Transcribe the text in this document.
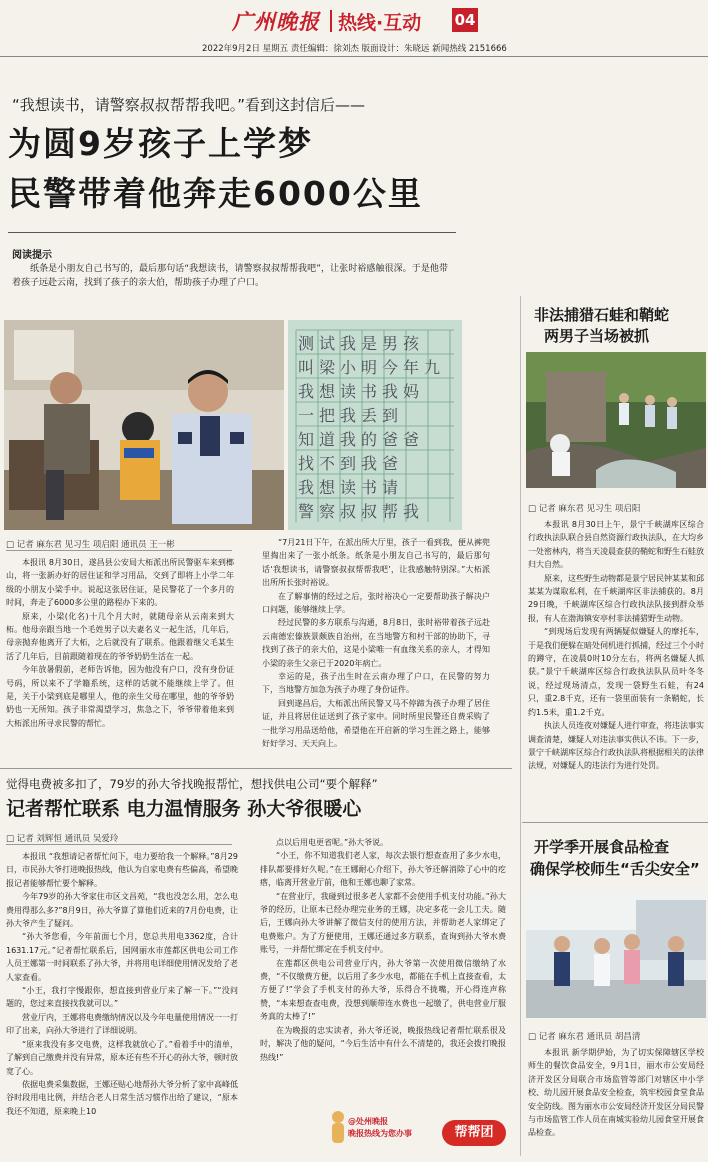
广州晚报 热线·互动 04
2022年9月2日 星期五 责任编辑：徐刘杰 版面设计：朱晓远 新闻热线 2151666
“我想读书，请警察叔叔帮帮我吧。”看到这封信后——
为圆9岁孩子上学梦
民警带着他奔走6000公里
阅读提示

纸条是小朋友自己书写的，最后那句话“我想读书，请警察叔叔帮帮我吧”，让张时裕感触很深。于是他带着孩子远赴云南，找到了孩子的亲大伯，帮助孩子办理了户口。

非法捕猎石蛙和鞘蛇
两男子当场被抓
测试我是男孩
叫梁小明今年九
我想读书我妈
一把我丢到
知道我的爸爸
找不到我爸
我想读书请
警察叔叔帮我
□ 记者 麻东君 见习生 项启阳 通讯员 王一彬

本报讯 8月30日，遂昌县公安局大柘派出所民警驱车来到榔山，将一张新办好的居住证和学习用品，交到了即将上小学二年级的小朋友小梁手中。说起这张居住证，是民警花了一个多月的时间，奔走了6000多公里的路程办下来的。

原来，小梁(化名)十几个月大时，就随母亲从云南来到大柘。他母亲跟当地一个毛姓男子以夫妻名义一起生活，几年后，母亲抛弃他离开了大柘，之后就没有了联系。他跟着继父毛某生活了几年后，目前跟随着现在的爷爷奶奶生活在一起。

今年放暑假前，老师告诉他，因为他没有户口，没有身份证号码，所以来不了学籍系统，这样的话就不能继续上学了。但是，关于小梁到底是哪里人，他的亲生父母在哪里，他的爷爷奶奶也一无所知。孩子非常渴望学习，焦急之下，爷爷带着他来到大柘派出所寻求民警的帮忙。

“7月21日下午，在派出所大厅里，孩子一看到我，便从裤兜里掏出来了一张小纸条。纸条是小朋友自己书写的，最后那句话‘我想读书，请警察叔叔帮帮我吧’，让我感触特别深。”大柘派出所所长张时裕说。

在了解事情的经过之后，张时裕决心一定要帮助孩子解决户口问题，能够继续上学。

经过民警的多方联系与沟通，8月8日，张时裕带着孩子远赴云南德宏傣族景颇族自治州，在当地警方和村干部的协助下，寻找到了孩子的亲大伯，这是小梁唯一有血缘关系的亲人，才得知小梁的亲生父亲已于2020年病亡。

幸运的是，孩子出生时在云南办理了户口，在民警的努力下，当地警方加急为孩子办理了身份证件。

回到遂昌后，大柘派出所民警又马不停蹄为孩子办理了居住证，并且将居住证送到了孩子家中。同时所里民警还自费采购了一批学习用品送给他，希望他在开启新的学习生涯之路上，能够好好学习、天天向上。

觉得电费被多扣了，79岁的孙大爷找晚报帮忙，想找供电公司“要个解释”
记者帮忙联系 电力温情服务 孙大爷很暖心
□ 记者 刘辉恒 通讯员 吴爱玲

本报讯 “我想请记者帮忙问下，电力要给我一个解释。”8月29日，市民孙大爷打进晚报热线，他认为自家电费有些偏高，希望晚报记者能够帮忙要个解释。

今年79岁的孙大爷家住市区文昌苑，“我也没怎么用，怎么电费用得那么多?”8月9日，孙大爷算了算他们近来的7月份电费，让孙大爷产生了疑问。

“孙大爷您看，今年前面七个月，您总共用电3362度，合计1631.17元。”记者帮忙联系后，国网丽水市莲都区供电公司工作人员王娜第一时间联系了孙大爷，并将用电详细使用情况发给了老人家查看。

“小王，我打字慢跟你，想直接到营业厅来了解一下。”“没问题的，您过来直接找我就可以。”

营业厅内，王娜将电费缴纳情况以及今年电量使用情况一一打印了出来，向孙大爷进行了详细说明。

“原来我没有多交电费，这样我就放心了。”看着手中的清单，了解到自己缴费并没有异常，原本还有些不开心的孙大爷，顿时放宽了心。

依据电费采集数据，王娜还贴心地帮孙大爷分析了家中高峰低谷时段用电比例，并结合老人日常生活习惯作出给了建议，“原本我还不知道，原来晚上10

点以后用电更省呢。”孙大爷说。

“小王，你不知道我们老人家，每次去银行想查查用了多少水电，排队都要排好久呢。”在王娜耐心介绍下，孙大爷还解消除了心中的疙瘩，临离开营业厅前，他和王娜也聊了家常。

“在营业厅，我碰到过很多老人家都不会使用手机支付功能。”孙大爷的经历，让原本已经办理完业务的王娜，决定多花一会儿工夫。随后，王娜向孙大爷讲解了微信支付的使用方法，并帮助老人家绑定了电费账户。为了方便使用，王娜还通过多方联系，查询到孙大爷水费账号，一并帮忙绑定在手机支付中。

在莲都区供电公司营业厅内，孙大爷第一次使用微信缴纳了水费，“不仅缴费方便，以后用了多少水电，都能在手机上直接查看，太方便了!”学会了手机支付的孙大爷，乐得合不拢嘴，开心得连声称赞，“本来想查查电费，没想到顺带连水费也一起缴了，供电营业厅服务真的太棒了!”

在为晚报的忠实读者，孙大爷还说，晚报热线记者帮忙联系很及时，解决了他的疑问，“今后生活中有什么不清楚的，我还会拨打晚报热线!”

@处州晚报
晚报热线为您办事	帮帮团
□ 记者 麻东君 见习生 项启阳

本报讯 8月30日上午，景宁千峡湖库区综合行政执法队联合县自然资源行政执法队，在大均乡一处密林内，将当天凌晨查获的鞘蛇和野生石蛙放归大自然。

原来，这些野生动物都是景宁居民钟某某和邱某某为谋取私利，在千峡湖库区非法捕获的。8月29日晚，千峡湖库区综合行政执法队接到群众举报，有人在渤海镇安亭村非法捕猎野生动物。

“到现场后发现有两辆疑似嫌疑人的摩托车，于是我们便躲在暗处伺机进行抓捕，经过三个小时的蹲守，在凌晨0时10分左右，将两名嫌疑人抓获。”景宁千峡湖库区综合行政执法队队员叶冬冬说，经过现场清点，发现一袋野生石蛙，有24只，重2.8千克，还有一袋里面装有一条鞘蛇，长约1.5米，重1.2千克。

执法人员连夜对嫌疑人进行审查，将违法事实调查清楚，嫌疑人对违法事实供认不讳。下一步，景宁千峡湖库区综合行政执法队将根据相关的法律法规，对嫌疑人的违法行为进行处罚。

开学季开展食品检查
确保学校师生“舌尖安全”
□ 记者 麻东君 通讯员 胡昌清

本报讯 新学期伊始，为了切实保障辖区学校师生的餐饮食品安全，9月1日，丽水市公安局经济开发区分局联合市场监管等部门对辖区中小学校、幼儿园开展食品安全检查，筑牢校园食堂食品安全防线。图为丽水市公安局经济开发区分局民警与市场监管工作人员在南城实验幼儿园食堂开展食品检查。
